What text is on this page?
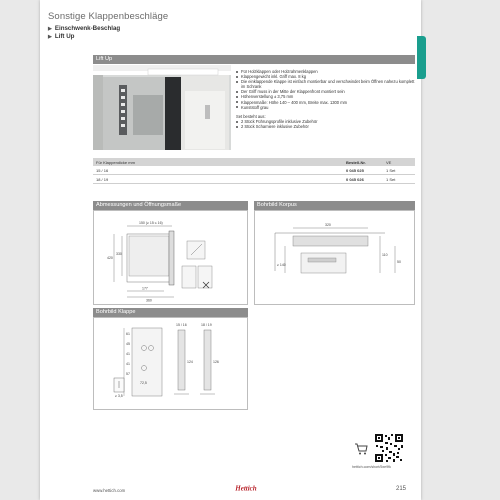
Sonstige Klappenbeschläge
▶ Einschwenk-Beschlag
▶ Lift Up
Lift Up
Für Holzklappen oder Holzrahmenklappen
Klappengewicht inkl. Griff max. 8 kg
Die einklappende Klappe ist einfach montierbar und verschwindet beim Öffnen nahezu komplett im Schrank
Der Griff muss in der Mitte der Klappenfront montiert sein
Höhenverstellung ± 3,75 mm
Klappenmaße: Höhe 140 – 400 mm, Breite max. 1300 mm
Kunststoff grau
Set besteht aus:
2 Stück Führungsprofile inklusive Zubehör
2 Stück Scharniere inklusive Zubehör
Für Klappendicke mm	Bestell-Nr.	VE
15 / 16	0 045 025	1 Set
18 / 19	0 045 026	1 Set
Abmessungen und Öffnungsmaße
150 (≥ 15 ≤ 16)
420
330
177
360
Bohrbild Korpus
320
110
50
≥ 140
Bohrbild Klappe
15 / 16	18 / 19
61
45
41
41
57
72,5
124	126
≥ 3,5
hettich.com/short/5xe9fk
www.hettich.com	Hettich	215
